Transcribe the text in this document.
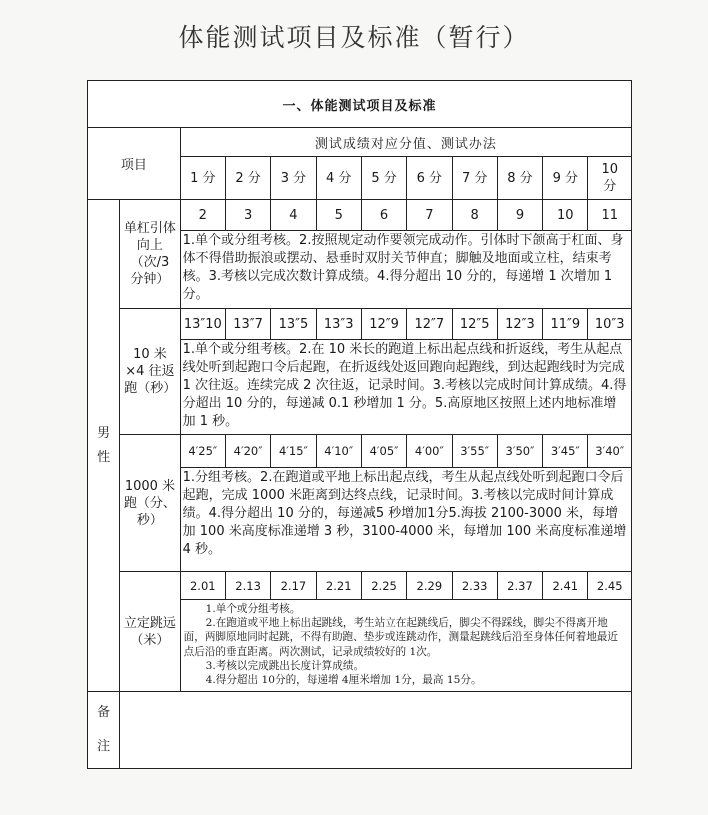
体能测试项目及标准（暂行）
一、体能测试项目及标准											
项目		测试成绩对应分值、测试办法									
		1 分	2 分	3 分	4 分	5 分	6 分	7 分	8 分	9 分	10 分
男性	单杠引体向上（次/3 分钟）	2	3	4	5	6	7	8	9	10	11
		1.单个或分组考核。2.按照规定动作要领完成动作。引体时下颌高于杠面、身体不得借助振浪或摆动、悬垂时双肘关节伸直；脚触及地面或立柱，结束考核。3.考核以完成次数计算成绩。4.得分超出 10 分的，每递增 1 次增加 1 分。									
	10 米×4 往返跑（秒）	13″10	13″7	13″5	13″3	12″9	12″7	12″5	12″3	11″9	10″3
		1.单个或分组考核。2.在 10 米长的跑道上标出起点线和折返线，考生从起点线处听到起跑口令后起跑，在折返线处返回跑向起跑线，到达起跑线时为完成 1 次往返。连续完成 2 次往返，记录时间。3.考核以完成时间计算成绩。4.得分超出 10 分的，每递减 0.1 秒增加 1 分。5.高原地区按照上述内地标准增加 1 秒。									
	1000 米跑（分、秒）	4′25″	4′20″	4′15″	4′10″	4′05″	4′00″	3′55″	3′50″	3′45″	3′40″
		1.分组考核。2.在跑道或平地上标出起点线，考生从起点线处听到起跑口令后起跑，完成 1000 米距离到达终点线，记录时间。3.考核以完成时间计算成绩。4.得分超出 10 分的，每递减5 秒增加1分5.海拔 2100-3000 米，每增加 100 米高度标准递增 3 秒，3100-4000 米，每增加 100 米高度标准递增 4 秒。									
	立定跳远（米）	2.01	2.13	2.17	2.21	2.25	2.29	2.33	2.37	2.41	2.45

		1.单个或分组考核。

2.在跑道或平地上标出起跳线，考生站立在起跳线后，脚尖不得踩线，脚尖不得离开地面，两脚原地同时起跳，不得有助跑、垫步或连跳动作，测量起跳线后沿至身体任何着地最近点后沿的垂直距离。两次测试，记录成绩较好的 1次。

3.考核以完成跳出长度计算成绩。

4.得分超出 10分的，每递增 4厘米增加 1分，最高 15分。									

备注											
